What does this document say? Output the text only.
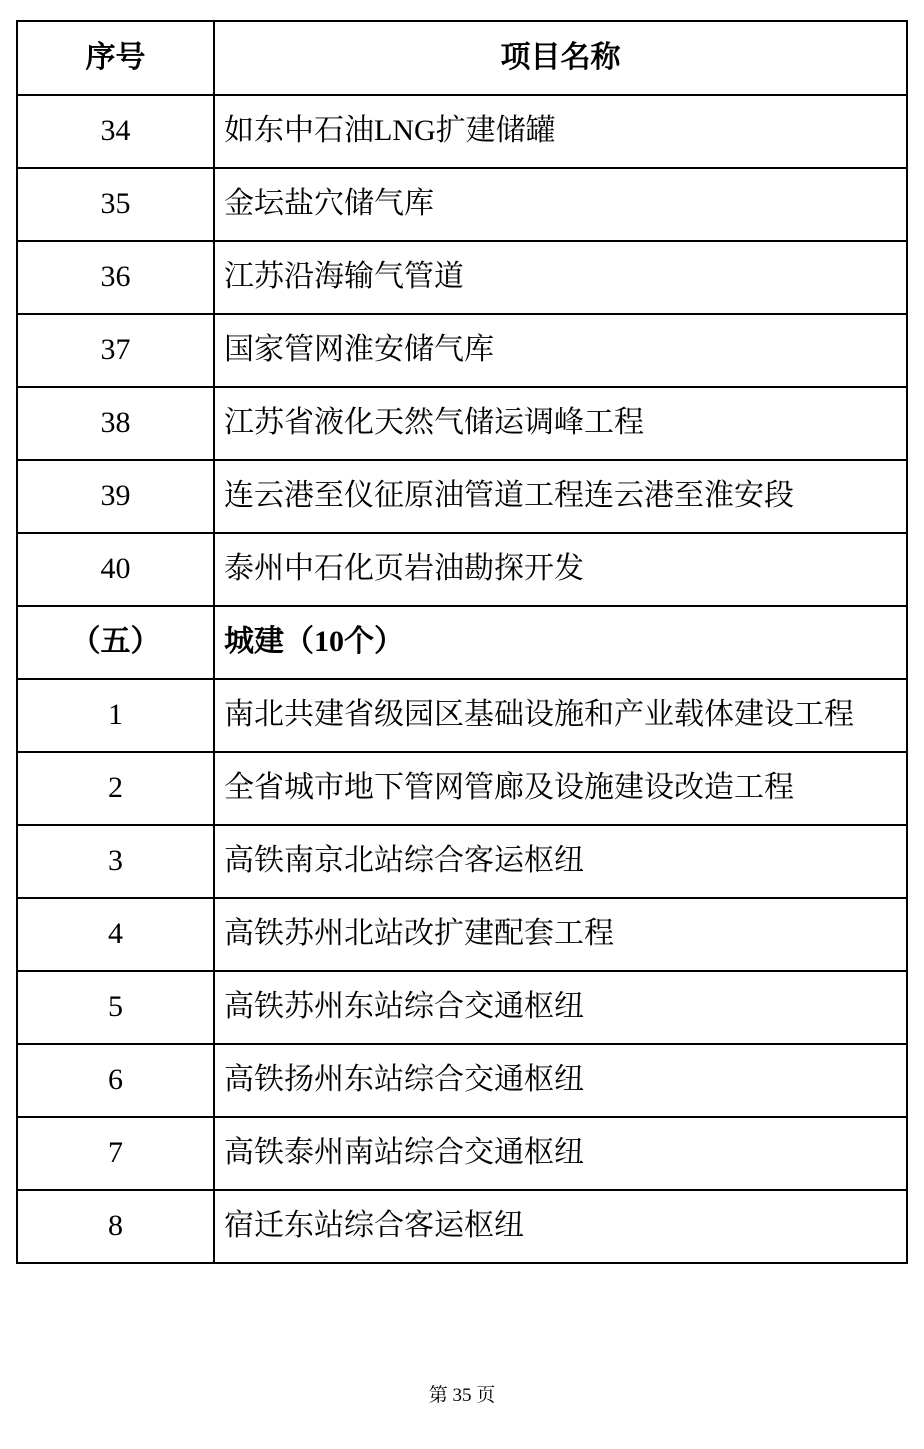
序号	项目名称
34	如东中石油LNG扩建储罐
35	金坛盐穴储气库
36	江苏沿海输气管道
37	国家管网淮安储气库
38	江苏省液化天然气储运调峰工程
39	连云港至仪征原油管道工程连云港至淮安段
40	泰州中石化页岩油勘探开发
（五）	城建（10个）
1	南北共建省级园区基础设施和产业载体建设工程
2	全省城市地下管网管廊及设施建设改造工程
3	高铁南京北站综合客运枢纽
4	高铁苏州北站改扩建配套工程
5	高铁苏州东站综合交通枢纽
6	高铁扬州东站综合交通枢纽
7	高铁泰州南站综合交通枢纽
8	宿迁东站综合客运枢纽
第 35 页
